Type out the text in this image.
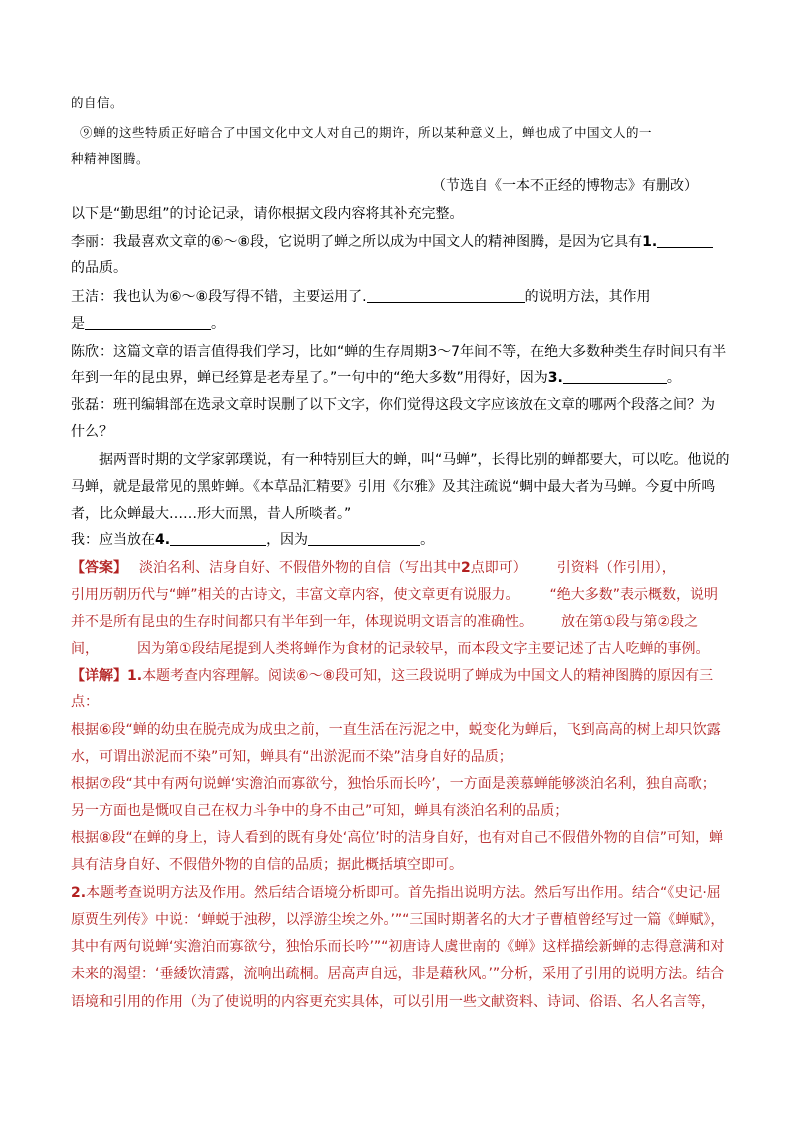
的自信。
⑨蝉的这些特质正好暗合了中国文化中文人对自己的期许，所以某种意义上，蝉也成了中国文人的一
种精神图腾。
（节选自《一本不正经的博物志》有删改）
以下是“勤思组”的讨论记录，请你根据文段内容将其补充完整。
李丽：我最喜欢文章的⑥～⑧段，它说明了蝉之所以成为中国文人的精神图腾，是因为它具有1.
的品质。
王洁：我也认为⑥～⑧段写得不错，主要运用了.	的说明方法，其作用
是	。
陈欣：这篇文章的语言值得我们学习，比如“蝉的生存周期3～7年间不等，在绝大多数种类生存时间只有半
年到一年的昆虫界，蝉已经算是老寿星了。”一句中的“绝大多数”用得好，因为3.	。
张磊：班刊编辑部在选录文章时误删了以下文字，你们觉得这段文字应该放在文章的哪两个段落之间？为
什么？
据两晋时期的文学家郭璞说，有一种特别巨大的蝉，叫“马蝉”，长得比别的蝉都要大，可以吃。他说的
马蝉，就是最常见的黑蚱蝉。《本草品汇精要》引用《尔雅》及其注疏说“蜩中最大者为马蝉。今夏中所鸣
者，比众蝉最大……形大而黑，昔人所啖者。”
我：应当放在4.	，因为	。
【答案】 淡泊名利、洁身自好、不假借外物的自信（写出其中2点即可） 引资料（作引用），
引用历朝历代与“蝉”相关的古诗文，丰富文章内容，使文章更有说服力。 “绝大多数”表示概数，说明
并不是所有昆虫的生存时间都只有半年到一年，体现说明文语言的准确性。 放在第①段与第②段之
间，	因为第①段结尾提到人类将蝉作为食材的记录较早，而本段文字主要记述了古人吃蝉的事例。
【详解】1.本题考查内容理解。阅读⑥～⑧段可知，这三段说明了蝉成为中国文人的精神图腾的原因有三
点：
根据⑥段“蝉的幼虫在脱壳成为成虫之前，一直生活在污泥之中，蜕变化为蝉后，飞到高高的树上却只饮露
水，可谓出淤泥而不染”可知，蝉具有“出淤泥而不染”洁身自好的品质；
根据⑦段“其中有两句说蝉‘实澹泊而寡欲兮，独怡乐而长吟’，一方面是羡慕蝉能够淡泊名利，独自高歌；
另一方面也是慨叹自己在权力斗争中的身不由己”可知，蝉具有淡泊名利的品质；
根据⑧段“在蝉的身上，诗人看到的既有身处‘高位’时的洁身自好，也有对自己不假借外物的自信”可知，蝉
具有洁身自好、不假借外物的自信的品质；据此概括填空即可。
2.本题考查说明方法及作用。然后结合语境分析即可。首先指出说明方法。然后写出作用。结合“《史记·屈
原贾生列传》中说：‘蝉蜕于浊秽，以浮游尘埃之外。’”“三国时期著名的大才子曹植曾经写过一篇《蝉赋》，
其中有两句说蝉‘实澹泊而寡欲兮，独怡乐而长吟’”“初唐诗人虞世南的《蝉》这样描绘新蝉的志得意满和对
未来的渴望：‘垂緌饮清露，流响出疏桐。居高声自远，非是藉秋风。’”分析，采用了引用的说明方法。结合
语境和引用的作用（为了使说明的内容更充实具体，可以引用一些文献资料、诗词、俗语、名人名言等，
